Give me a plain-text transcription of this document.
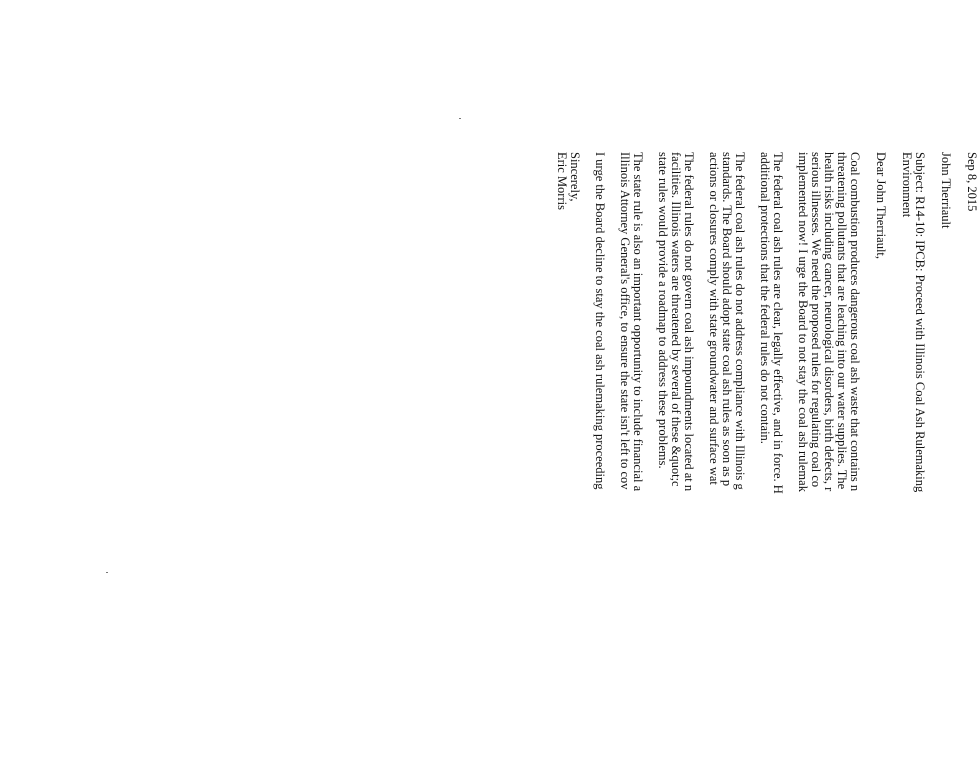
Sep 8, 2015

John Therriault

Subject: R14-10: IPCB: Proceed with Illinois Coal Ash Rulemaking

Environment

Dear John Therriault,

Coal combustion produces dangerous coal ash waste that contains n

threatening pollutants that are leaching into our water supplies. The

health risks including cancer, neurological disorders, birth defects, r

serious illnesses. We need the proposed rules for regulating coal co

implemented now! I urge the Board to not stay the coal ash rulemak

The federal coal ash rules are clear, legally effective, and in force. H

additional protections that the federal rules do not contain.

The federal coal ash rules do not address compliance with Illinois g

standards. The Board should adopt state coal ash rules as soon as p

actions or closures comply with state groundwater and surface wat

The federal rules do not govern coal ash impoundments located at n

facilities. Illinois waters are threatened by several of these &quot;c

state rules would provide a roadmap to address these problems.

The state rule is also an important opportunity to include financial a

Illinois Attorney General's office, to ensure the state isn't left to cov

I urge the Board decline to stay the coal ash rulemaking proceeding

Sincerely,

Eric Morris
